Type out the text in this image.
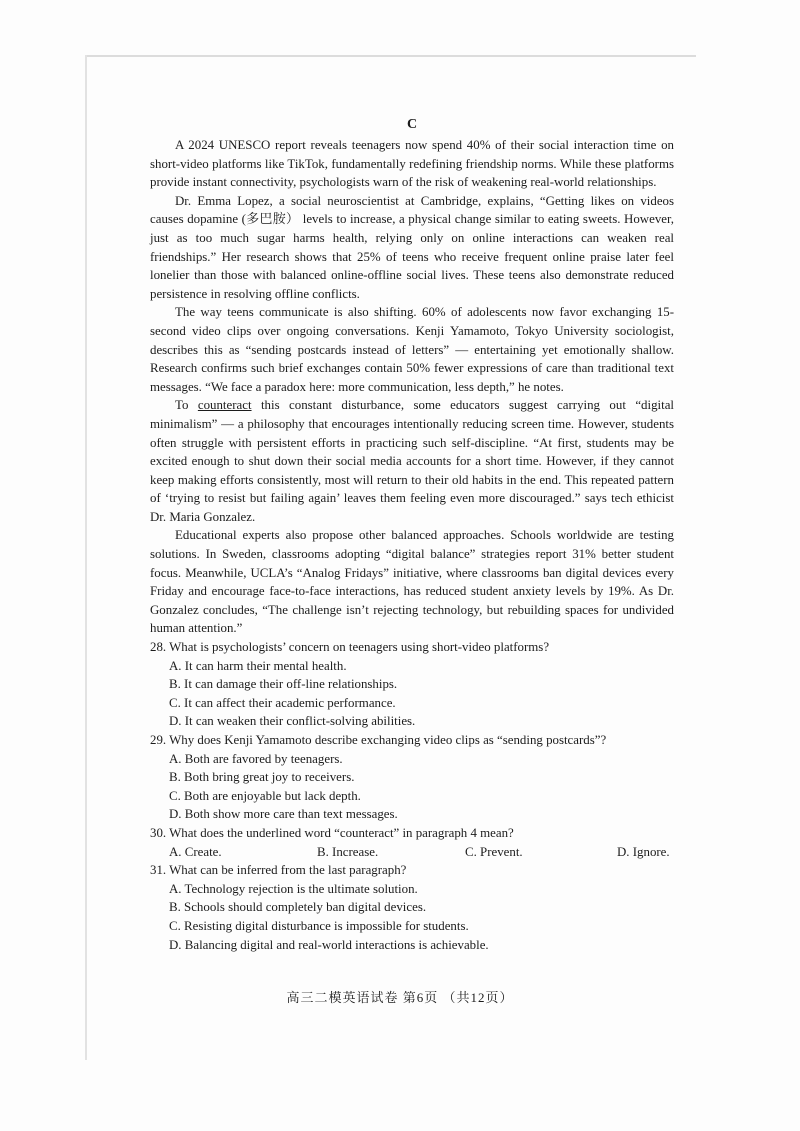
C

A 2024 UNESCO report reveals teenagers now spend 40% of their social interaction time on short-video platforms like TikTok, fundamentally redefining friendship norms. While these platforms provide instant connectivity, psychologists warn of the risk of weakening real-world relationships.

Dr. Emma Lopez, a social neuroscientist at Cambridge, explains, “Getting likes on videos causes dopamine (多巴胺） levels to increase, a physical change similar to eating sweets. However, just as too much sugar harms health, relying only on online interactions can weaken real friendships.” Her research shows that 25% of teens who receive frequent online praise later feel lonelier than those with balanced online-offline social lives. These teens also demonstrate reduced persistence in resolving offline conflicts.

The way teens communicate is also shifting. 60% of adolescents now favor exchanging 15-second video clips over ongoing conversations. Kenji Yamamoto, Tokyo University sociologist, describes this as “sending postcards instead of letters” — entertaining yet emotionally shallow. Research confirms such brief exchanges contain 50% fewer expressions of care than traditional text messages. “We face a paradox here: more communication, less depth,” he notes.

To counteract this constant disturbance, some educators suggest carrying out “digital minimalism” — a philosophy that encourages intentionally reducing screen time. However, students often struggle with persistent efforts in practicing such self-discipline. “At first, students may be excited enough to shut down their social media accounts for a short time. However, if they cannot keep making efforts consistently, most will return to their old habits in the end. This repeated pattern of ‘trying to resist but failing again’ leaves them feeling even more discouraged.” says tech ethicist Dr. Maria Gonzalez.

Educational experts also propose other balanced approaches. Schools worldwide are testing solutions. In Sweden, classrooms adopting “digital balance” strategies report 31% better student focus. Meanwhile, UCLA’s “Analog Fridays” initiative, where classrooms ban digital devices every Friday and encourage face-to-face interactions, has reduced student anxiety levels by 19%. As Dr. Gonzalez concludes, “The challenge isn’t rejecting technology, but rebuilding spaces for undivided human attention.”

28. What is psychologists’ concern on teenagers using short-video platforms?

A. It can harm their mental health.

B. It can damage their off-line relationships.

C. It can affect their academic performance.

D. It can weaken their conflict-solving abilities.

29. Why does Kenji Yamamoto describe exchanging video clips as “sending postcards”?

A. Both are favored by teenagers.

B. Both bring great joy to receivers.

C. Both are enjoyable but lack depth.

D. Both show more care than text messages.

30. What does the underlined word “counteract” in paragraph 4 mean?

A. Create.	B. Increase.	C. Prevent.	D. Ignore.

31. What can be inferred from the last paragraph?

A. Technology rejection is the ultimate solution.

B. Schools should completely ban digital devices.

C. Resisting digital disturbance is impossible for students.

D. Balancing digital and real-world interactions is achievable.

高三二模英语试卷 第6页 （共12页）
